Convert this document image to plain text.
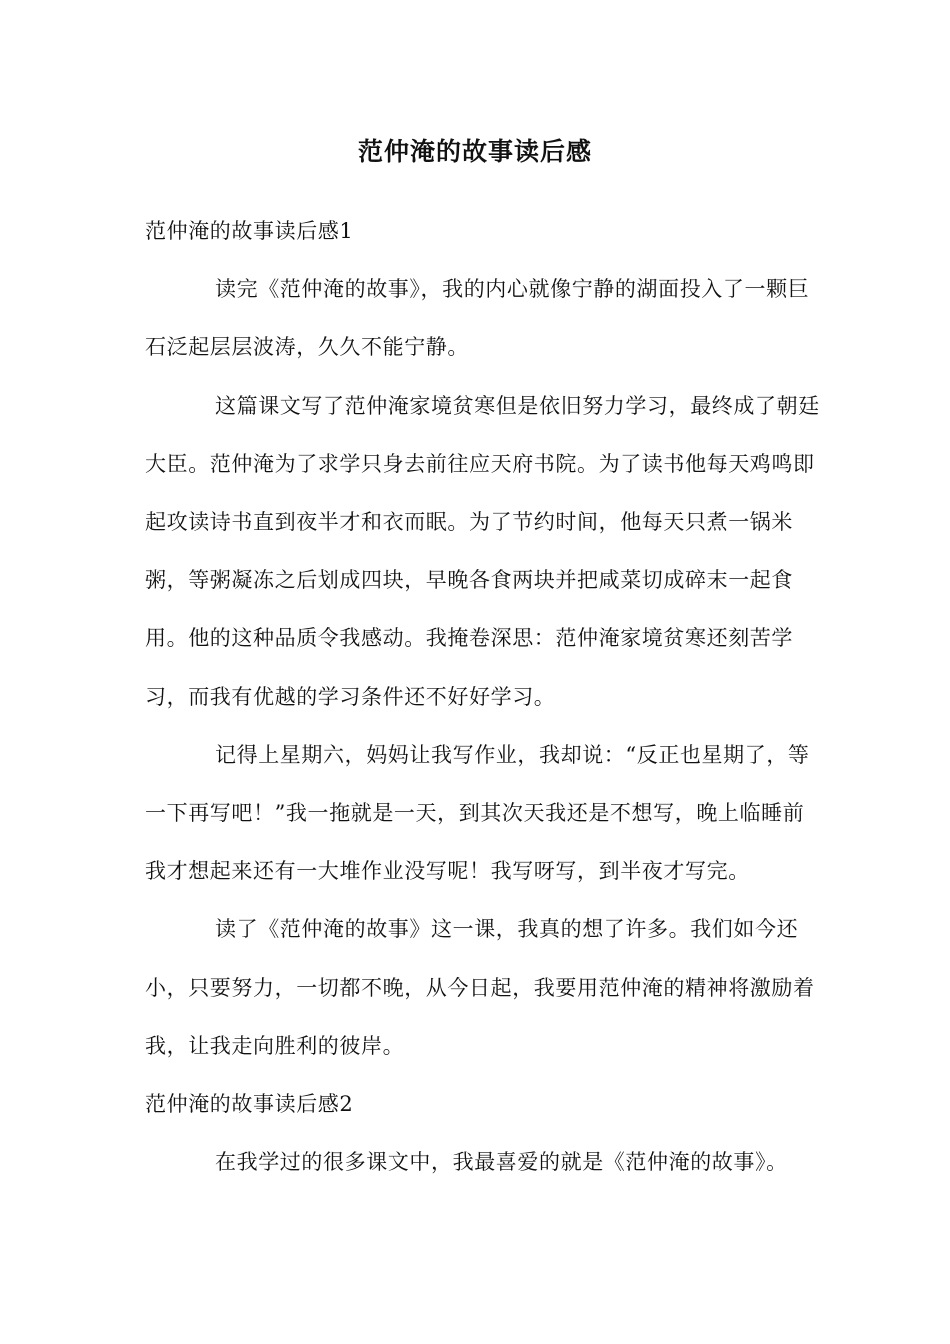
范仲淹的故事读后感

范仲淹的故事读后感1

读完《范仲淹的故事》，我的内心就像宁静的湖面投入了一颗巨石泛起层层波涛，久久不能宁静。

这篇课文写了范仲淹家境贫寒但是依旧努力学习，最终成了朝廷大臣。范仲淹为了求学只身去前往应天府书院。为了读书他每天鸡鸣即起攻读诗书直到夜半才和衣而眠。为了节约时间，他每天只煮一锅米粥，等粥凝冻之后划成四块，早晚各食两块并把咸菜切成碎末一起食用。他的这种品质令我感动。我掩卷深思：范仲淹家境贫寒还刻苦学习，而我有优越的学习条件还不好好学习。

记得上星期六，妈妈让我写作业，我却说：“反正也星期了，等一下再写吧！”我一拖就是一天，到其次天我还是不想写，晚上临睡前我才想起来还有一大堆作业没写呢！我写呀写，到半夜才写完。

读了《范仲淹的故事》这一课，我真的想了许多。我们如今还小，只要努力，一切都不晚，从今日起，我要用范仲淹的精神将激励着我，让我走向胜利的彼岸。

范仲淹的故事读后感2

在我学过的很多课文中，我最喜爱的就是《范仲淹的故事》。
